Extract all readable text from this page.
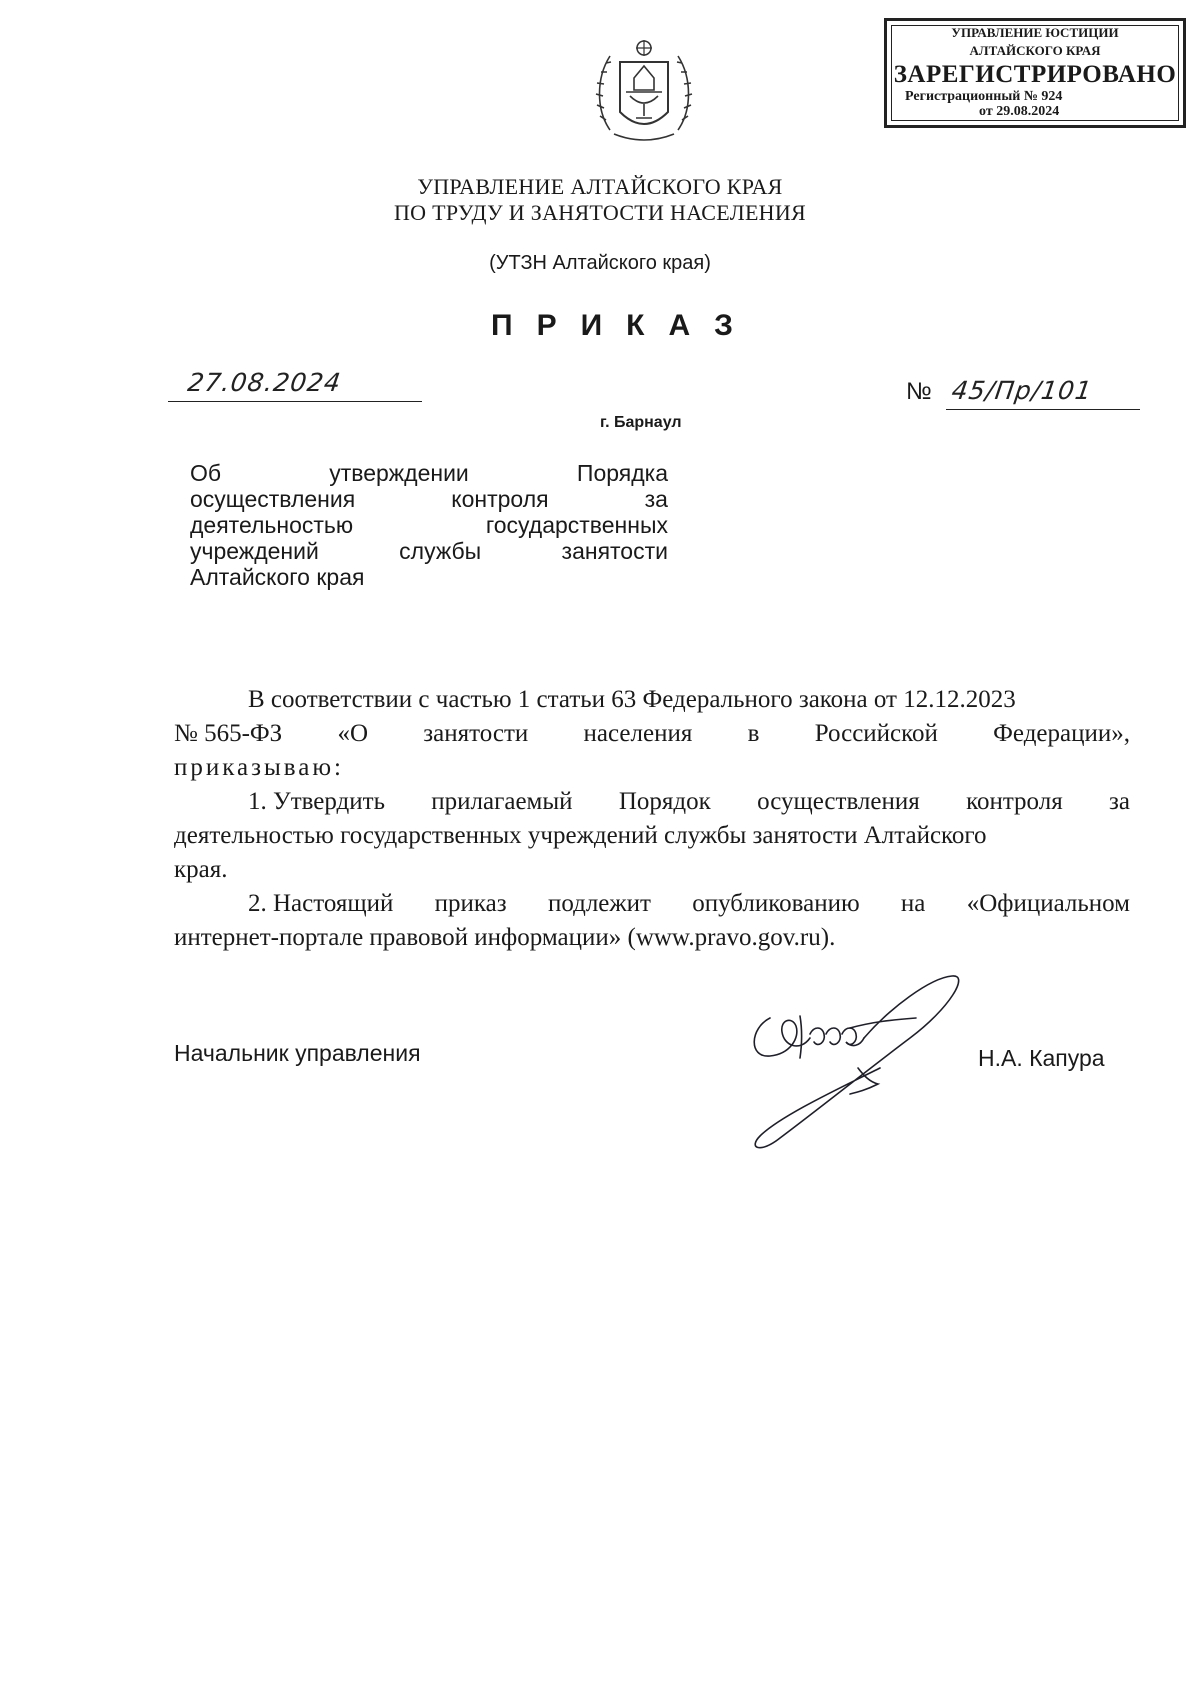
УПРАВЛЕНИЕ ЮСТИЦИИ
АЛТАЙСКОГО КРАЯ
ЗАРЕГИСТРИРОВАНО
Регистрационный № 924
от 29.08.2024
УПРАВЛЕНИЕ АЛТАЙСКОГО КРАЯ
ПО ТРУДУ И ЗАНЯТОСТИ НАСЕЛЕНИЯ
(УТЗН Алтайского края)
ПРИКАЗ
27.08.2024	№ 45/Пр/101
г. Барнаул
Об	утверждении	Порядка
осуществления	контроля	за
деятельностью	государственных
учреждений	службы	занятости
Алтайского края
В соответствии с частью 1 статьи 63 Федерального закона от 12.12.2023
№ 565-ФЗ «О занятости населения в Российской Федерации»,
приказываю:
1. Утвердить прилагаемый Порядок осуществления контроля за
деятельностью государственных учреждений службы занятости Алтайского
края.
2. Настоящий приказ подлежит опубликованию на «Официальном
интернет-портале правовой информации» (www.pravo.gov.ru).
Начальник управления	Н.А. Капура
